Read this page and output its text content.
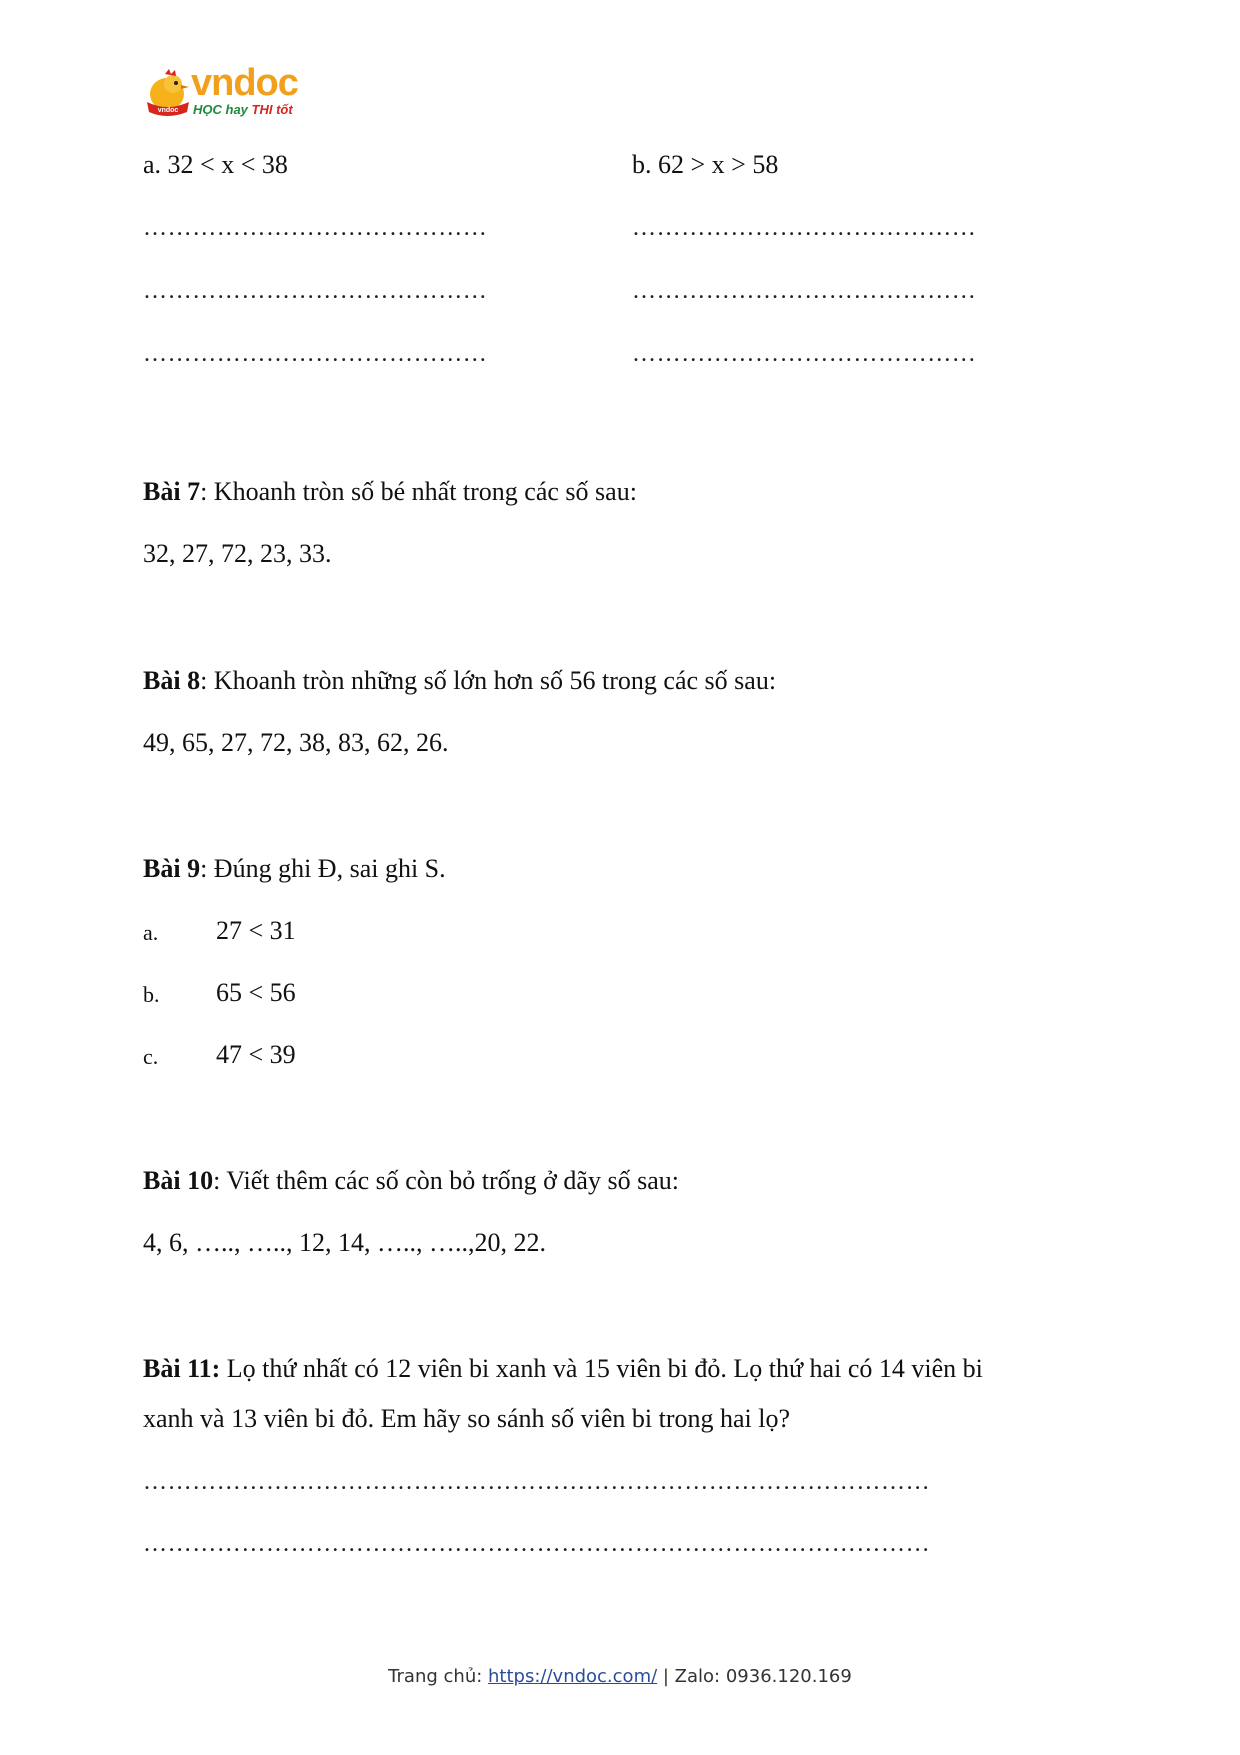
vndoc
vndoc
HỌC hay THI tốt
a. 32 < x < 38	b. 62 > x > 58
……………………………………	……………………………………
……………………………………	……………………………………
……………………………………	……………………………………
Bài 7: Khoanh tròn số bé nhất trong các số sau:
32, 27, 72, 23, 33.
Bài 8: Khoanh tròn những số lớn hơn số 56 trong các số sau:
49, 65, 27, 72, 38, 83, 62, 26.
Bài 9: Đúng ghi Đ, sai ghi S.
a. 27 < 31
b. 65 < 56
c. 47 < 39
Bài 10: Viết thêm các số còn bỏ trống ở dãy số sau:
4, 6, ….., ….., 12, 14, ….., …..,20, 22.
Bài 11: Lọ thứ nhất có 12 viên bi xanh và 15 viên bi đỏ. Lọ thứ hai có 14 viên bi
xanh và 13 viên bi đỏ. Em hãy so sánh số viên bi trong hai lọ?
……………………………………………………………………………………
……………………………………………………………………………………
Trang chủ: https://vndoc.com/ | Zalo: 0936.120.169
